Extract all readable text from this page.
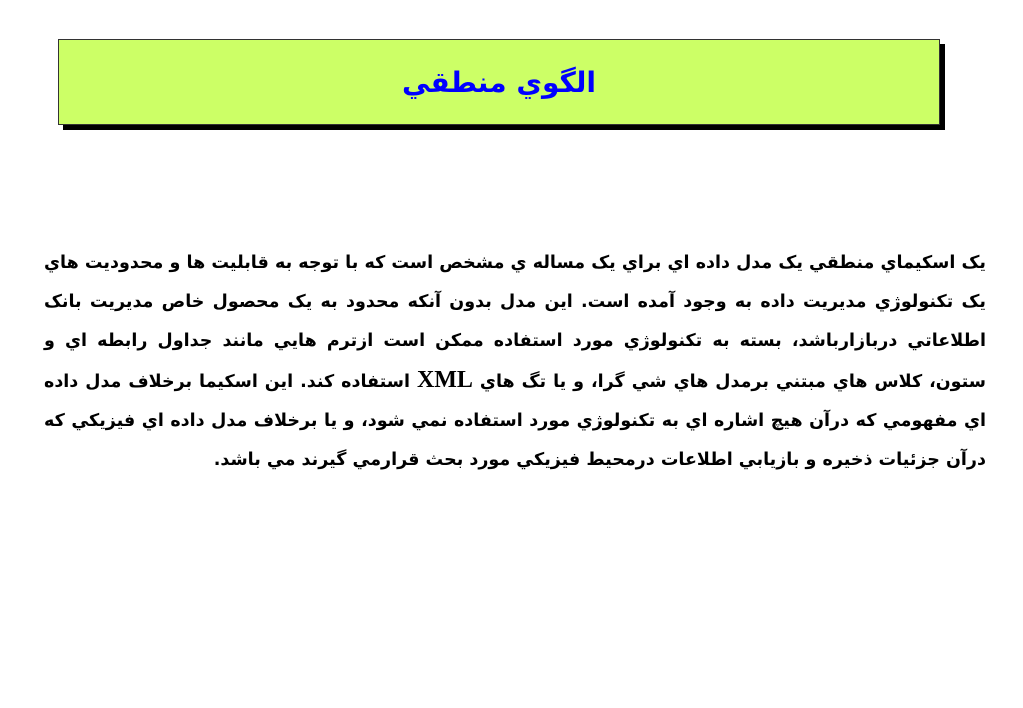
الگوي منطقي

یک اسکیماي منطقي یک مدل داده اي براي یک مساله ي مشخص است که با توجه به قابلیت ها و محدودیت هاي یک تکنولوژي مدیریت داده به وجود آمده است. این مدل بدون آنکه محدود به یک محصول خاص مدیریت بانک اطلاعاتي دربازارباشد، بسته به تکنولوژي مورد استفاده ممکن است ازترم هايي مانند جداول رابطه اي و ستون، کلاس هاي مبتني برمدل هاي شي گرا، و یا تگ هاي XML استفاده کند. این اسکیما برخلاف مدل داده اي مفهومي که درآن هیچ اشاره اي به تکنولوژي مورد استفاده نمي شود، و یا برخلاف مدل داده اي فیزیکي که درآن جزئیات ذخیره و بازیابي اطلاعات درمحیط فیزیکي مورد بحث قرارمي گیرند مي باشد.
